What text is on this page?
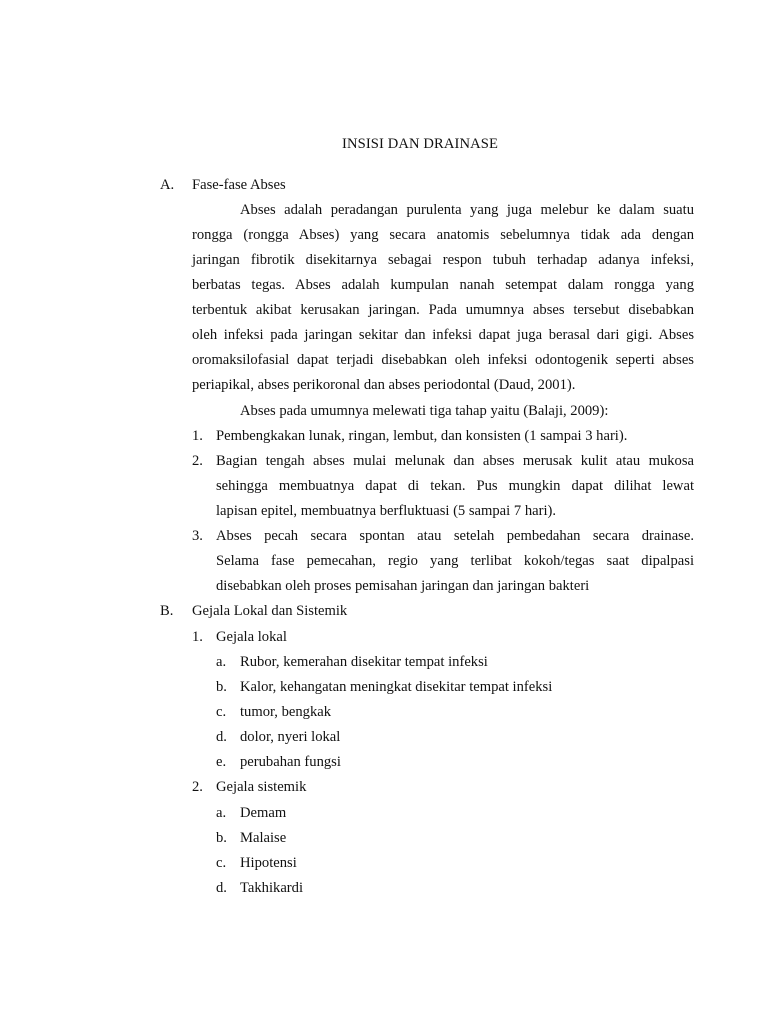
INSISI DAN DRAINASE
A. Fase-fase Abses
Abses adalah peradangan purulenta yang juga melebur ke dalam suatu
rongga (rongga Abses) yang secara anatomis sebelumnya tidak ada dengan
jaringan fibrotik disekitarnya sebagai respon tubuh terhadap adanya infeksi,
berbatas tegas. Abses adalah kumpulan nanah setempat dalam rongga yang
terbentuk akibat kerusakan jaringan. Pada umumnya abses tersebut disebabkan
oleh infeksi pada jaringan sekitar dan infeksi dapat juga berasal dari gigi. Abses
oromaksilofasial dapat terjadi disebabkan oleh infeksi odontogenik seperti abses
periapikal, abses perikoronal dan abses periodontal (Daud, 2001).
Abses pada umumnya melewati tiga tahap yaitu (Balaji, 2009):
1. Pembengkakan lunak, ringan, lembut, dan konsisten (1 sampai 3 hari).
2. Bagian tengah abses mulai melunak dan abses merusak kulit atau mukosa
sehingga membuatnya dapat di tekan. Pus mungkin dapat dilihat lewat
lapisan epitel, membuatnya berfluktuasi (5 sampai 7 hari).
3. Abses pecah secara spontan atau setelah pembedahan secara drainase.
Selama fase pemecahan, regio yang terlibat kokoh/tegas saat dipalpasi
disebabkan oleh proses pemisahan jaringan dan jaringan bakteri
B. Gejala Lokal dan Sistemik
1. Gejala lokal
a. Rubor, kemerahan disekitar tempat infeksi
b. Kalor, kehangatan meningkat disekitar tempat infeksi
c. tumor, bengkak
d. dolor, nyeri lokal
e. perubahan fungsi
2. Gejala sistemik
a. Demam
b. Malaise
c. Hipotensi
d. Takhikardi
